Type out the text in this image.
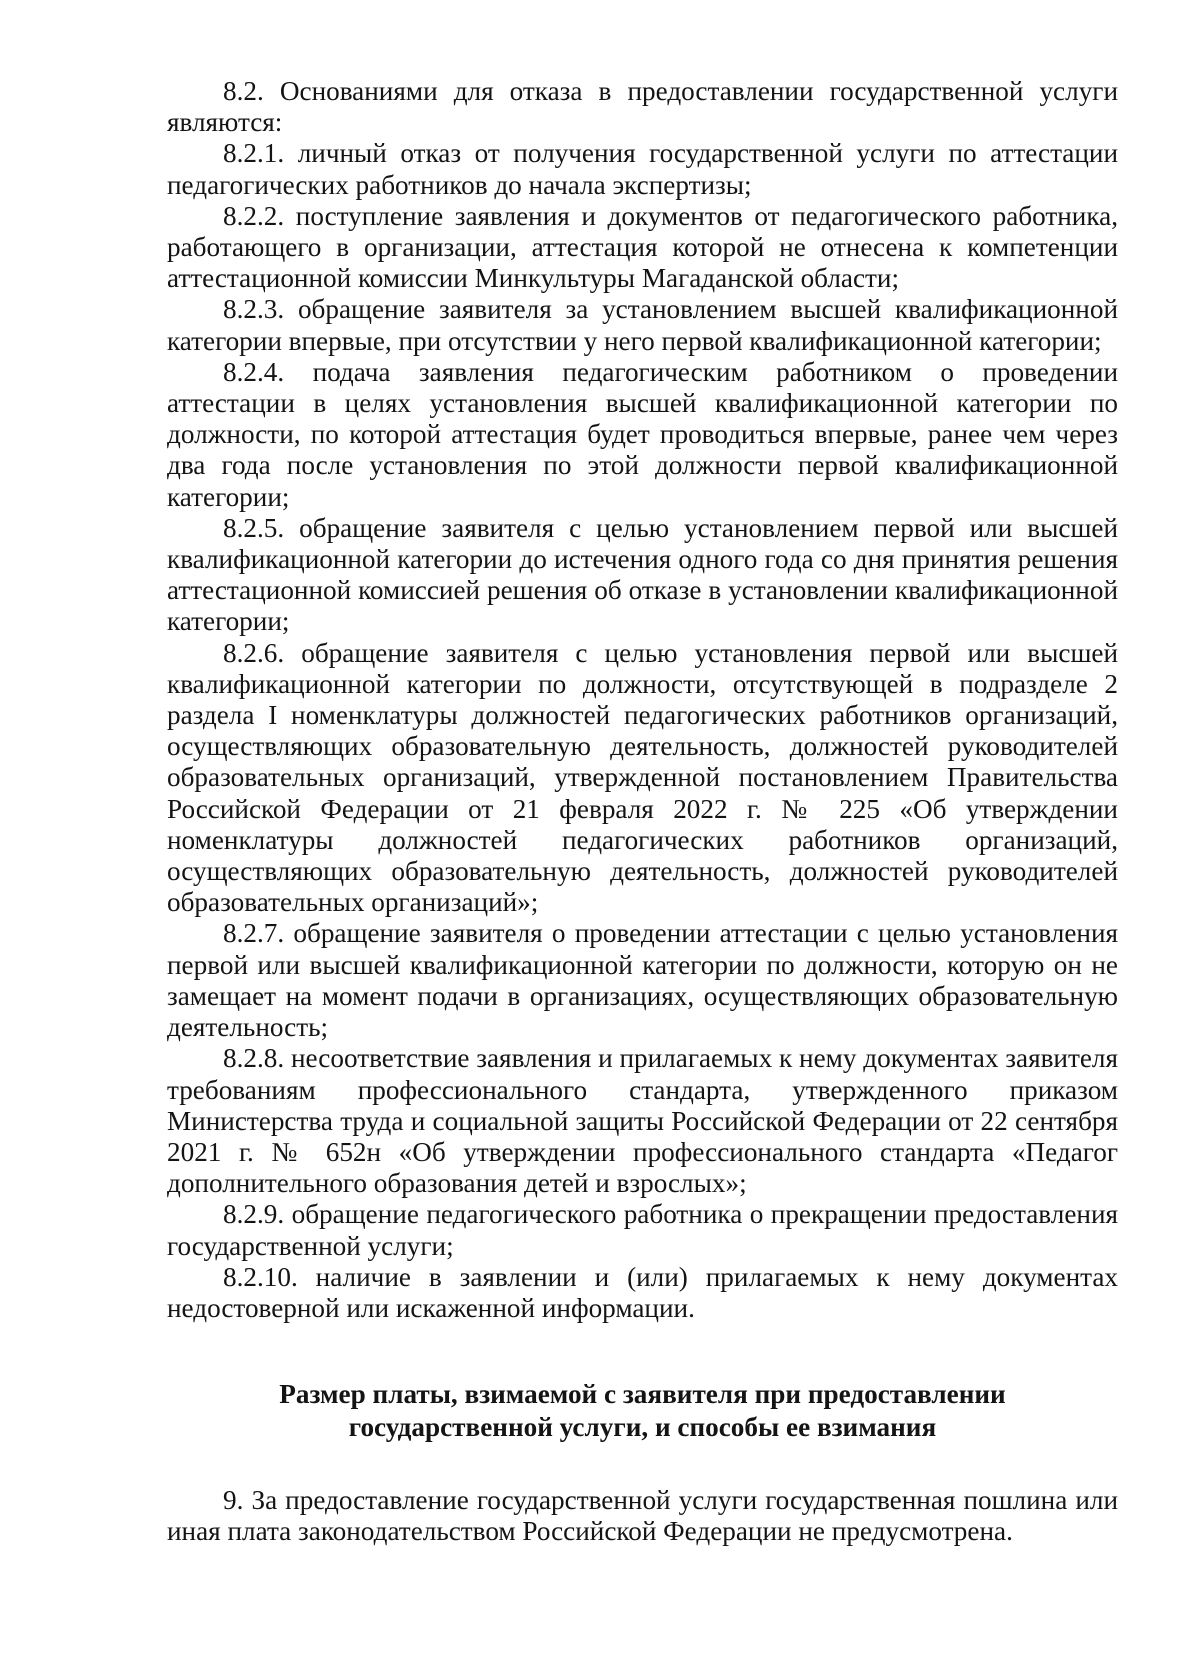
8.2. Основаниями для отказа в предоставлении государственной услуги являются:

8.2.1. личный отказ от получения государственной услуги по аттестации педагогических работников до начала экспертизы;

8.2.2. поступление заявления и документов от педагогического работника, работающего в организации, аттестация которой не отнесена к компетенции аттестационной комиссии Минкультуры Магаданской области;

8.2.3. обращение заявителя за установлением высшей квалификационной категории впервые, при отсутствии у него первой квалификационной категории;

8.2.4. подача заявления педагогическим работником о проведении аттестации в целях установления высшей квалификационной категории по должности, по которой аттестация будет проводиться впервые, ранее чем через два года после установления по этой должности первой квалификационной категории;

8.2.5. обращение заявителя с целью установлением первой или высшей квалификационной категории до истечения одного года со дня принятия решения аттестационной комиссией решения об отказе в установлении квалификационной категории;

8.2.6. обращение заявителя с целью установления первой или высшей квалификационной категории по должности, отсутствующей в подразделе 2 раздела I номенклатуры должностей педагогических работников организаций, осуществляющих образовательную деятельность, должностей руководителей образовательных организаций, утвержденной постановлением Правительства Российской Федерации от 21 февраля 2022 г. № 225 «Об утверждении номенклатуры должностей педагогических работников организаций, осуществляющих образовательную деятельность, должностей руководителей образовательных организаций»;

8.2.7. обращение заявителя о проведении аттестации с целью установления первой или высшей квалификационной категории по должности, которую он не замещает на момент подачи в организациях, осуществляющих образовательную деятельность;

8.2.8. несоответствие заявления и прилагаемых к нему документах заявителя требованиям профессионального стандарта, утвержденного приказом Министерства труда и социальной защиты Российской Федерации от 22 сентября 2021 г. № 652н «Об утверждении профессионального стандарта «Педагог дополнительного образования детей и взрослых»;

8.2.9. обращение педагогического работника о прекращении предоставления государственной услуги;

8.2.10. наличие в заявлении и (или) прилагаемых к нему документах недостоверной или искаженной информации.

Размер платы, взимаемой с заявителя при предоставлении
государственной услуги, и способы ее взимания

9. За предоставление государственной услуги государственная пошлина или иная плата законодательством Российской Федерации не предусмотрена.
